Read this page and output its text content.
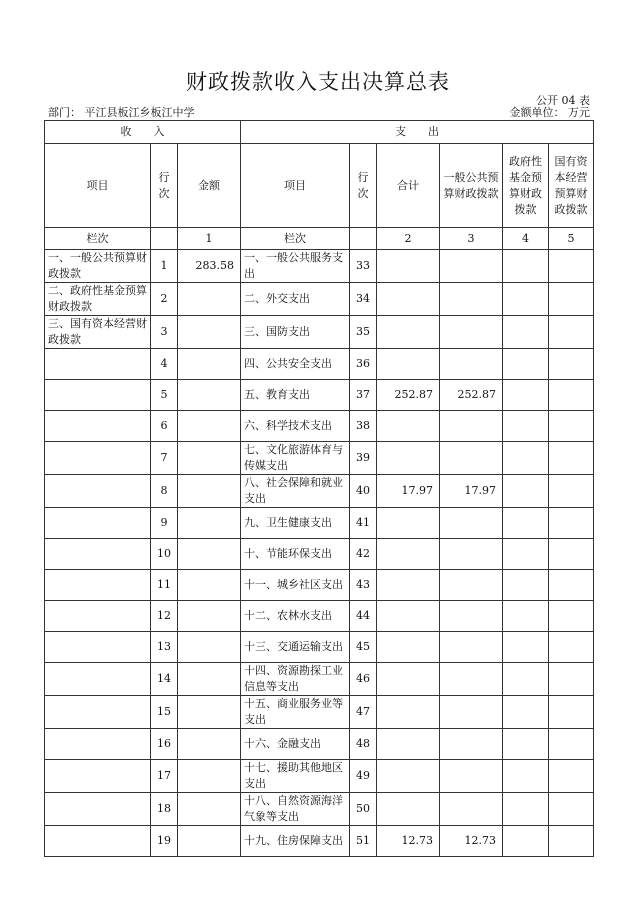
财政拨款收入支出决算总表
公开 04 表
部门： 平江县板江乡板江中学	金额单位： 万元
收　　入			支　　出					
项目	行次	金额	项目	行次	合计	一般公共预算财政拨款	政府性基金预算财政拨款	国有资本经营预算财政拨款
栏次		1	栏次		2	3	4	5
一、一般公共预算财政拨款	1	283.58	一、一般公共服务支出	33				
二、政府性基金预算财政拨款	2		二、外交支出	34				
三、国有资本经营财政拨款	3		三、国防支出	35				
	4		四、公共安全支出	36				
	5		五、教育支出	37	252.87	252.87		
	6		六、科学技术支出	38				
	7		七、文化旅游体育与传媒支出	39				
	8		八、社会保障和就业支出	40	17.97	17.97		
	9		九、卫生健康支出	41				
	10		十、节能环保支出	42				
	11		十一、城乡社区支出	43				
	12		十二、农林水支出	44				
	13		十三、交通运输支出	45				
	14		十四、资源勘探工业信息等支出	46				
	15		十五、商业服务业等支出	47				
	16		十六、金融支出	48				
	17		十七、援助其他地区支出	49				
	18		十八、自然资源海洋气象等支出	50				
	19		十九、住房保障支出	51	12.73	12.73		
